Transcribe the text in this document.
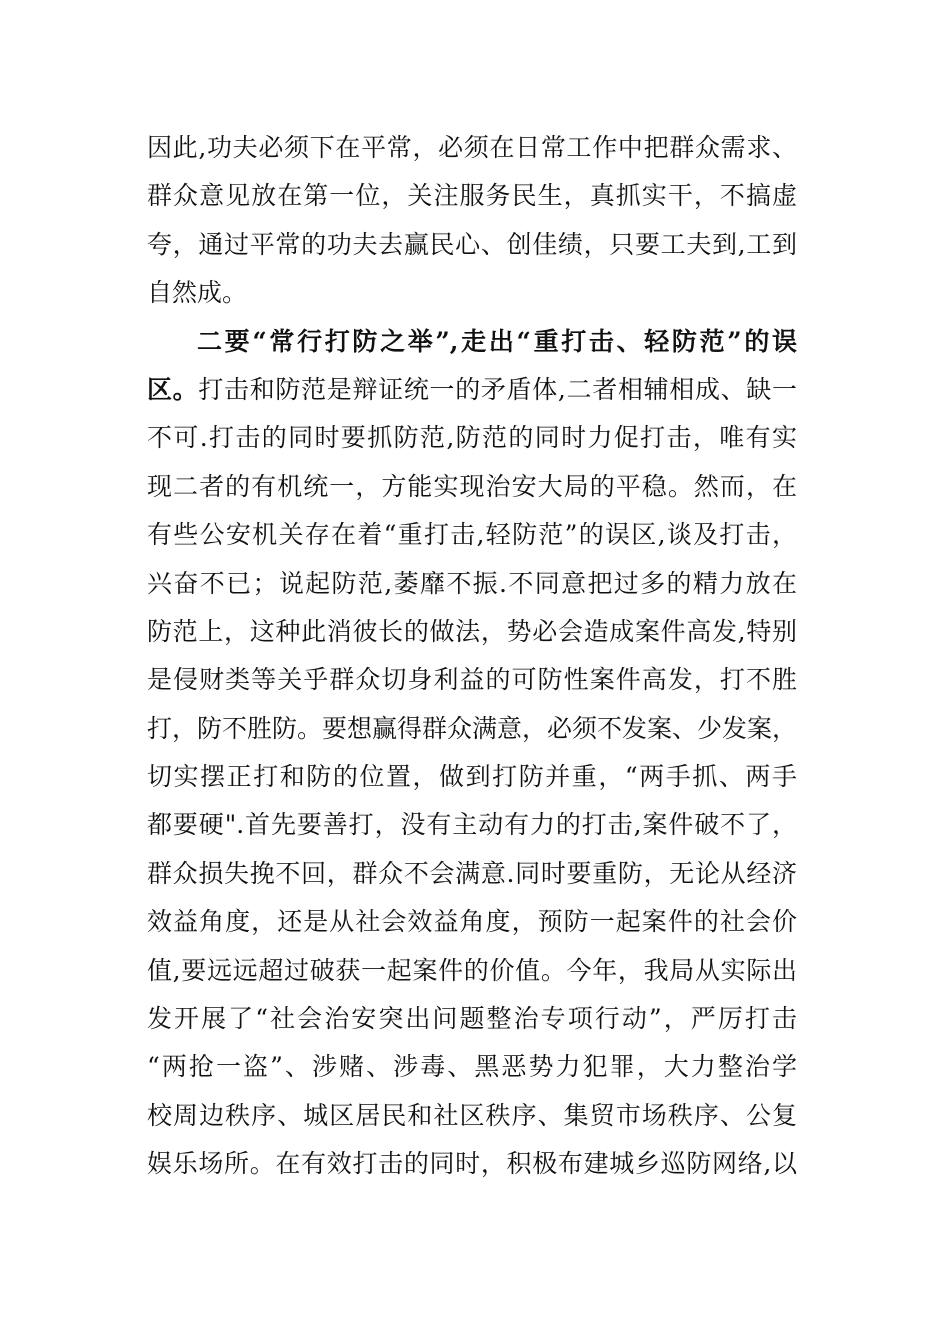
因此,功夫必须下在平常，必须在日常工作中把群众需求、
群众意见放在第一位，关注服务民生，真抓实干，不搞虚
夸，通过平常的功夫去赢民心、创佳绩，只要工夫到,工到
自然成。
二要“常行打防之举”,走出“重打击、轻防范”的误
区。打击和防范是辩证统一的矛盾体,二者相辅相成、缺一
不可.打击的同时要抓防范,防范的同时力促打击，唯有实
现二者的有机统一，方能实现治安大局的平稳。然而，在
有些公安机关存在着“重打击,轻防范”的误区,谈及打击，
兴奋不已；说起防范,萎靡不振.不同意把过多的精力放在
防范上，这种此消彼长的做法，势必会造成案件高发,特别
是侵财类等关乎群众切身利益的可防性案件高发，打不胜
打，防不胜防。要想赢得群众满意，必须不发案、少发案，
切实摆正打和防的位置，做到打防并重，“两手抓、两手
都要硬".首先要善打，没有主动有力的打击,案件破不了，
群众损失挽不回，群众不会满意.同时要重防，无论从经济
效益角度，还是从社会效益角度，预防一起案件的社会价
值,要远远超过破获一起案件的价值。今年，我局从实际出
发开展了“社会治安突出问题整治专项行动”，严厉打击
“两抢一盗”、涉赌、涉毒、黑恶势力犯罪，大力整治学
校周边秩序、城区居民和社区秩序、集贸市场秩序、公复
娱乐场所。在有效打击的同时，积极布建城乡巡防网络,以
